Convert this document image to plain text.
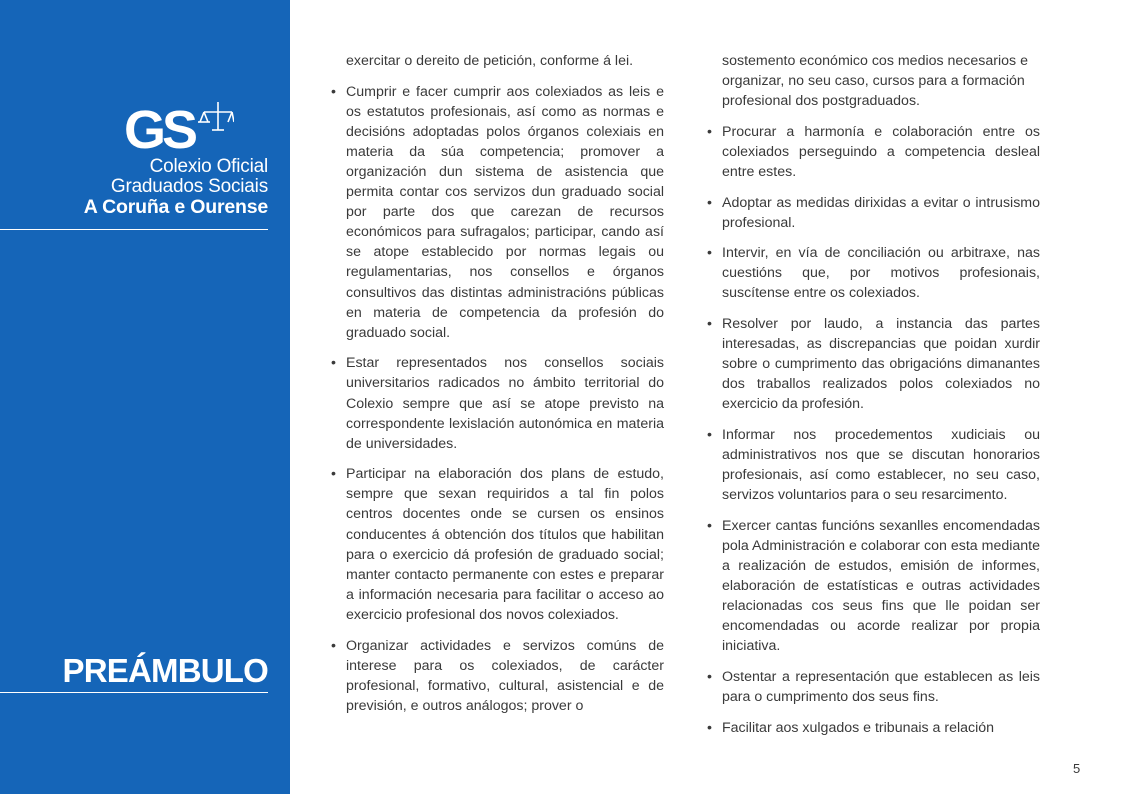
GS
Colexio Oficial
Graduados Sociais
A Coruña e Ourense
PREÁMBULO
exercitar o dereito de petición, conforme á lei.
• Cumprir e facer cumprir aos colexiados as leis e os estatutos profesionais, así como as normas e decisións adoptadas polos órganos colexiais en materia da súa competencia; promover a organización dun sistema de asistencia que permita contar cos servizos dun graduado social por parte dos que carezan de recursos económicos para sufragalos; participar, cando así se atope establecido por normas legais ou regulamentarias, nos consellos e órganos consultivos das distintas administracións públicas en materia de competencia da profesión do graduado social.
• Estar representados nos consellos sociais universitarios radicados no ámbito territorial do Colexio sempre que así se atope previsto na correspondente lexislación autonómica en materia de universidades.
• Participar na elaboración dos plans de estudo, sempre que sexan requiridos a tal fin polos centros docentes onde se cursen os ensinos conducentes á obtención dos títulos que habilitan para o exercicio dá profesión de graduado social; manter contacto permanente con estes e preparar a información necesaria para facilitar o acceso ao exercicio profesional dos novos colexiados.
• Organizar actividades e servizos comúns de interese para os colexiados, de carácter profesional, formativo, cultural, asistencial e de previsión, e outros análogos; prover o
sostemento económico cos medios necesarios e organizar, no seu caso, cursos para a formación profesional dos postgraduados.
• Procurar a harmonía e colaboración entre os colexiados perseguindo a competencia desleal entre estes.
• Adoptar as medidas dirixidas a evitar o intrusismo profesional.
• Intervir, en vía de conciliación ou arbitraxe, nas cuestións que, por motivos profesionais, suscítense entre os colexiados.
• Resolver por laudo, a instancia das partes interesadas, as discrepancias que poidan xurdir sobre o cumprimento das obrigacións dimanantes dos traballos realizados polos colexiados no exercicio da profesión.
• Informar nos procedementos xudiciais ou administrativos nos que se discutan honorarios profesionais, así como establecer, no seu caso, servizos voluntarios para o seu resarcimento.
• Exercer cantas funcións sexanlles encomendadas pola Administración e colaborar con esta mediante a realización de estudos, emisión de informes, elaboración de estatísticas e outras actividades relacionadas cos seus fins que lle poidan ser encomendadas ou acorde realizar por propia iniciativa.
• Ostentar a representación que establecen as leis para o cumprimento dos seus fins.
• Facilitar aos xulgados e tribunais a relación
5
